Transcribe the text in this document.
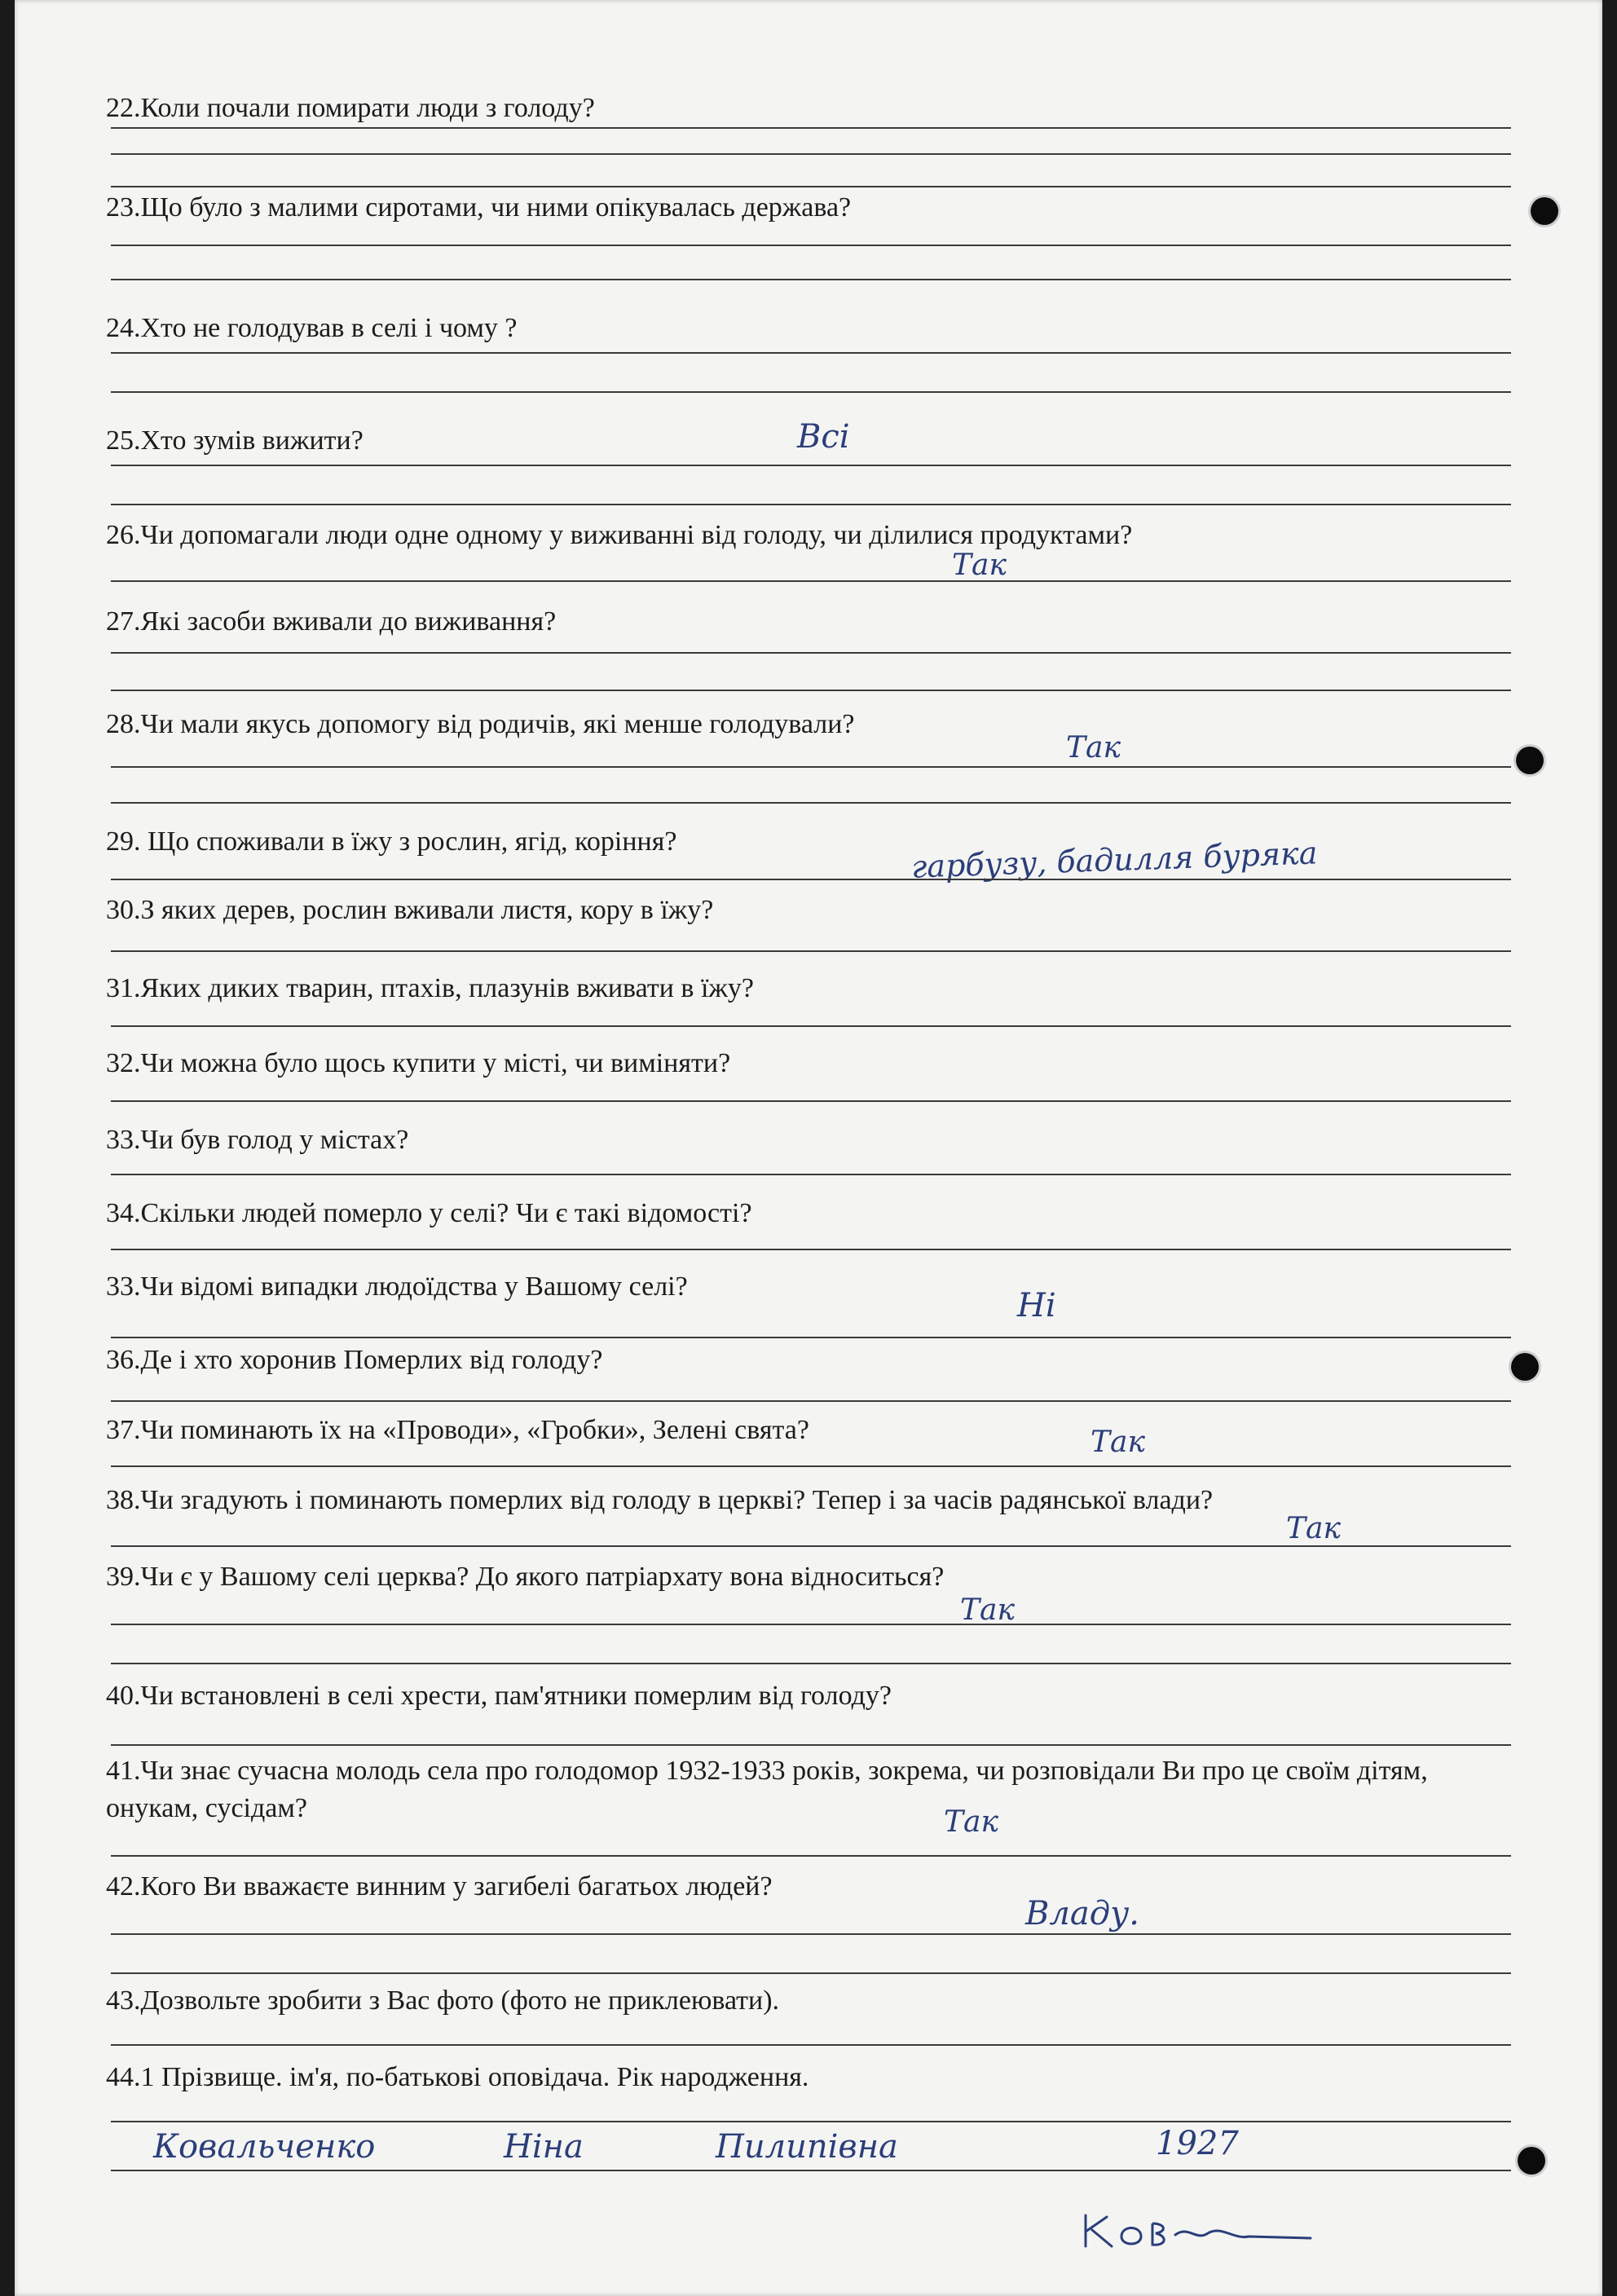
22.Коли почали помирати люди з голоду?
23.Що було з малими сиротами, чи ними опікувалась держава?
24.Хто не голодував в селі і чому ?
25.Хто зумів вижити?	Всі
26.Чи допомагали люди одне одному у виживанні від голоду, чи ділилися продуктами?
Так
27.Які засоби вживали до виживання?
28.Чи мали якусь допомогу від родичів, які менше голодували?
Так
29. Що споживали в їжу з рослин, ягід, коріння?	гарбузу, бадилля буряка
30.З яких дерев, рослин вживали листя, кору в їжу?
31.Яких диких тварин, птахів, плазунів вживати в їжу?
32.Чи можна було щось купити у місті, чи виміняти?
33.Чи був голод у містах?
34.Скільки людей померло у селі? Чи є такі відомості?
33.Чи відомі випадки людоїдства у Вашому селі?
Ні
36.Де і хто хоронив Померлих від голоду?
37.Чи поминають їх на «Проводи», «Гробки», Зелені свята?	Так
38.Чи згадують і поминають померлих від голоду в церкві? Тепер і за часів радянської влади?
Так
39.Чи є у Вашому селі церква? До якого патріархату вона відноситься?
Так
40.Чи встановлені в селі хрести, пам'ятники померлим від голоду?
41.Чи знає сучасна молодь села про голодомор 1932-1933 років, зокрема, чи розповідали Ви про це своїм дітям, онукам, сусідам?	Так
42.Кого Ви вважаєте винним у загибелі багатьох людей?
Владу.
43.Дозвольте зробити з Вас фото (фото не приклеювати).
44.1 Прізвище. ім'я, по-батькові оповідача. Рік народження.
Ковальченко	Ніна	Пилипівна	1927
